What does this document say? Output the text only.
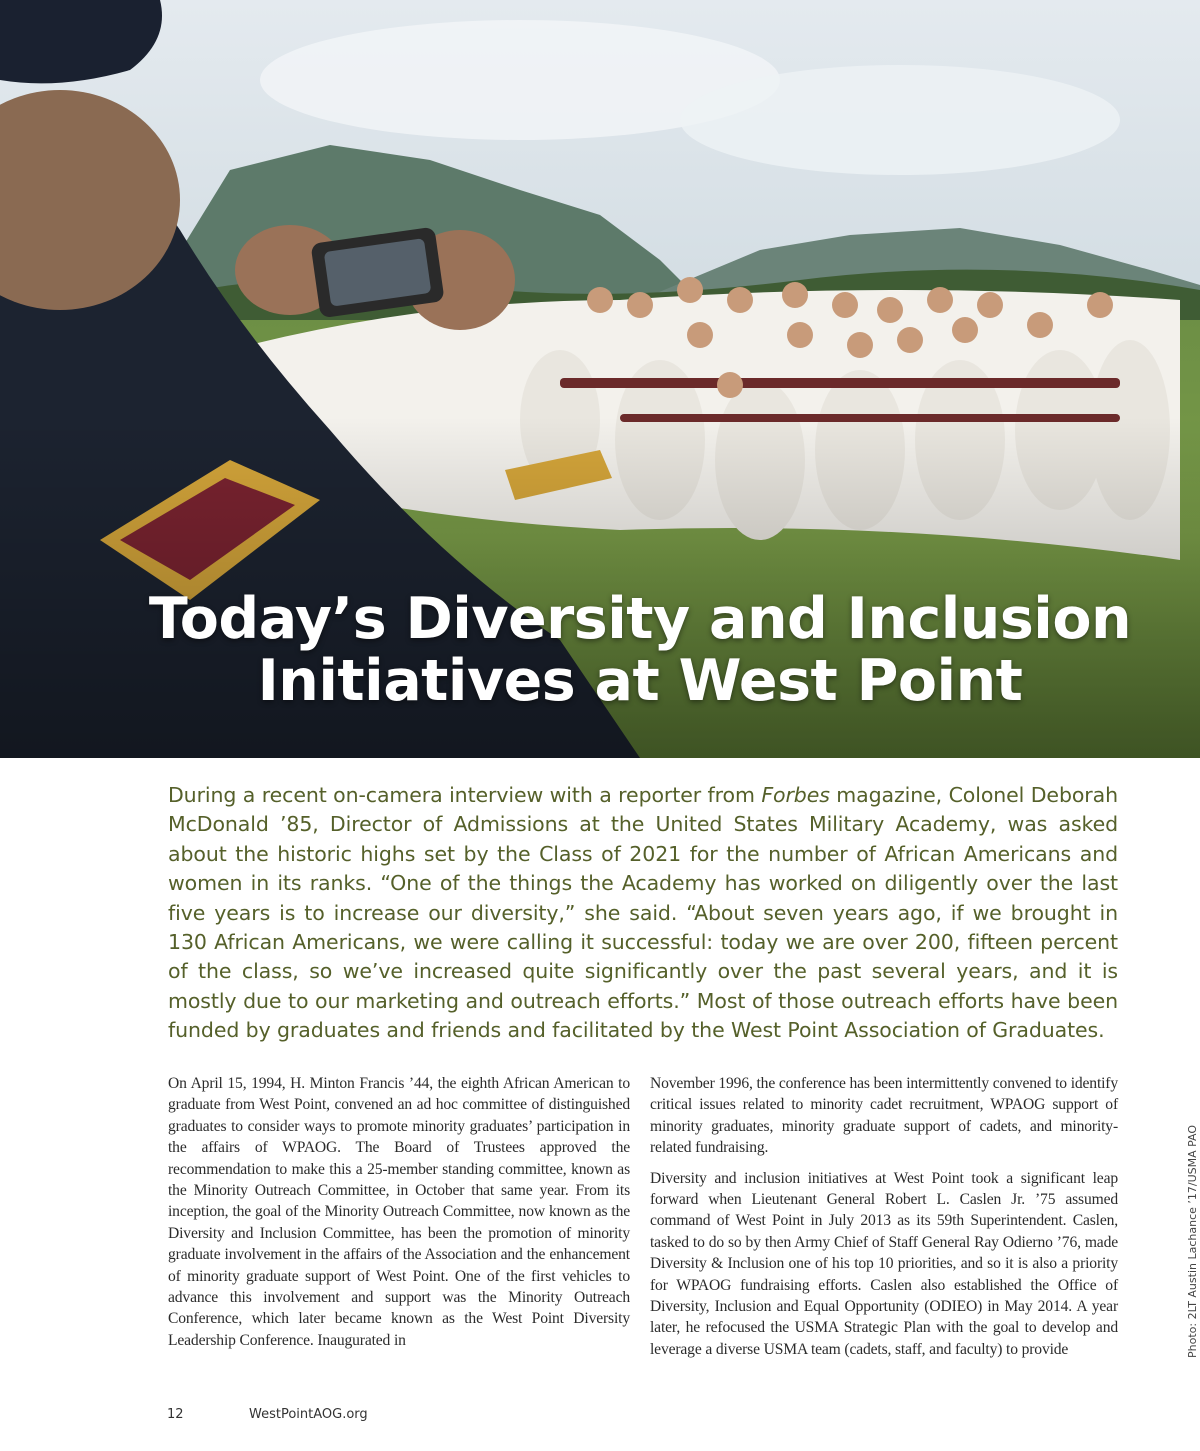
Today’s Diversity and Inclusion
Initiatives at West Point

During a recent on-camera interview with a reporter from Forbes magazine, Colonel Deborah McDonald ’85, Director of Admissions at the United States Military Academy, was asked about the historic highs set by the Class of 2021 for the number of African Americans and women in its ranks. “One of the things the Academy has worked on diligently over the last five years is to increase our diversity,” she said. “About seven years ago, if we brought in 130 African Americans, we were calling it successful: today we are over 200, fifteen percent of the class, so we’ve increased quite significantly over the past several years, and it is mostly due to our marketing and outreach efforts.” Most of those outreach efforts have been funded by graduates and friends and facilitated by the West Point Association of Graduates.

On April 15, 1994, H. Minton Francis ’44, the eighth African American to graduate from West Point, convened an ad hoc committee of distinguished graduates to consider ways to promote minority graduates’ participation in the affairs of WPAOG. The Board of Trustees approved the recommendation to make this a 25-member standing committee, known as the Minority Outreach Committee, in October that same year. From its inception, the goal of the Minority Outreach Committee, now known as the Diversity and Inclusion Committee, has been the promotion of minority graduate involvement in the affairs of the Association and the enhancement of minority graduate support of West Point. One of the first vehicles to advance this involvement and support was the Minority Outreach Conference, which later became known as the West Point Diversity Leadership Conference. Inaugurated in

November 1996, the conference has been intermittently convened to identify critical issues related to minority cadet recruitment, WPAOG support of minority graduates, minority graduate support of cadets, and minority-related fundraising.

Diversity and inclusion initiatives at West Point took a significant leap forward when Lieutenant General Robert L. Caslen Jr. ’75 assumed command of West Point in July 2013 as its 59th Superintendent. Caslen, tasked to do so by then Army Chief of Staff General Ray Odierno ’76, made Diversity & Inclusion one of his top 10 priorities, and so it is also a priority for WPAOG fundraising efforts. Caslen also established the Office of Diversity, Inclusion and Equal Opportunity (ODIEO) in May 2014. A year later, he refocused the USMA Strategic Plan with the goal to develop and leverage a diverse USMA team (cadets, staff, and faculty) to provide	Photo: 2LT Austin Lachance ’17/USMA PAO
12	WestPointAOG.org
